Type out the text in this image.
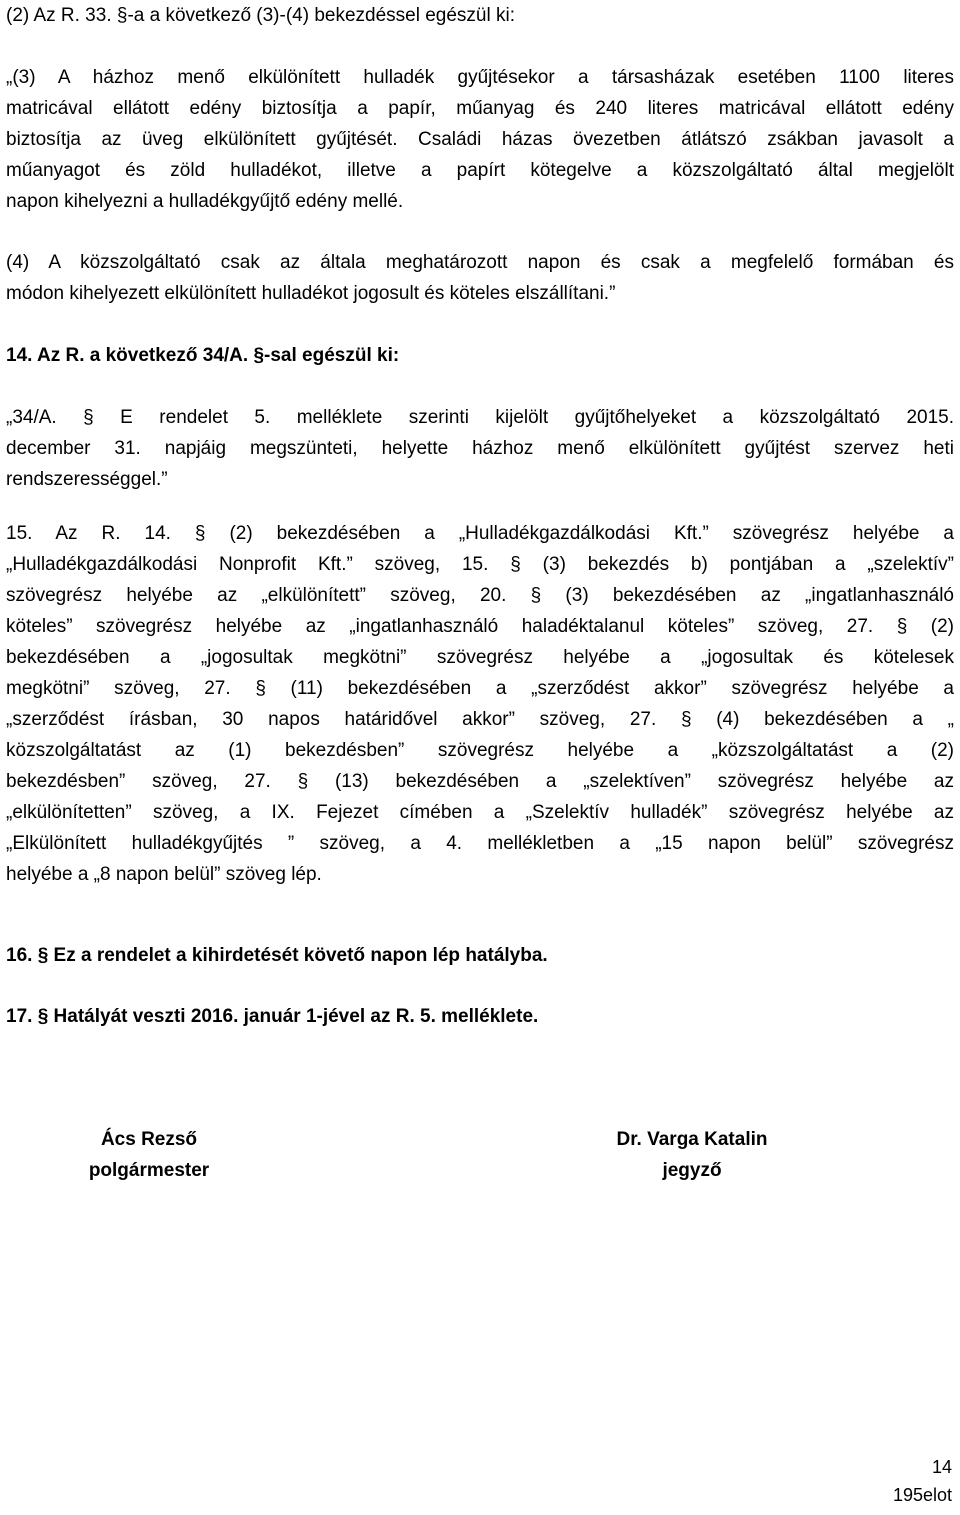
(2) Az R. 33. §-a a következő (3)-(4) bekezdéssel egészül ki:
„(3) A házhoz menő elkülönített hulladék gyűjtésekor a társasházak esetében 1100 literes
matricával ellátott edény biztosítja a papír, műanyag és 240 literes matricával ellátott edény
biztosítja az üveg elkülönített gyűjtését. Családi házas övezetben átlátszó zsákban javasolt a
műanyagot és zöld hulladékot, illetve a papírt kötegelve a közszolgáltató által megjelölt
napon kihelyezni a hulladékgyűjtő edény mellé.
(4) A közszolgáltató csak az általa meghatározott napon és csak a megfelelő formában és
módon kihelyezett elkülönített hulladékot jogosult és köteles elszállítani.”
14. Az R. a következő 34/A. §-sal egészül ki:
„34/A. § E rendelet 5. melléklete szerinti kijelölt gyűjtőhelyeket a közszolgáltató 2015.
december 31. napjáig megszünteti, helyette házhoz menő elkülönített gyűjtést szervez heti
rendszerességgel.”
15. Az R. 14. § (2) bekezdésében a „Hulladékgazdálkodási Kft.” szövegrész helyébe a
„Hulladékgazdálkodási Nonprofit Kft.” szöveg, 15. § (3) bekezdés b) pontjában a „szelektív”
szövegrész helyébe az „elkülönített” szöveg, 20. § (3) bekezdésében az „ingatlanhasználó
köteles” szövegrész helyébe az „ingatlanhasználó haladéktalanul köteles” szöveg, 27. § (2)
bekezdésében a „jogosultak megkötni” szövegrész helyébe a „jogosultak és kötelesek
megkötni” szöveg, 27. § (11) bekezdésében a „szerződést akkor” szövegrész helyébe a
„szerződést írásban, 30 napos határidővel akkor” szöveg, 27. § (4) bekezdésében a „
közszolgáltatást az (1) bekezdésben” szövegrész helyébe a „közszolgáltatást a (2)
bekezdésben” szöveg, 27. § (13) bekezdésében a „szelektíven” szövegrész helyébe az
„elkülönítetten” szöveg, a IX. Fejezet címében a „Szelektív hulladék” szövegrész helyébe az
„Elkülönített hulladékgyűjtés ” szöveg, a 4. mellékletben a „15 napon belül” szövegrész
helyébe a „8 napon belül” szöveg lép.
16. § Ez a rendelet a kihirdetését követő napon lép hatályba.
17. § Hatályát veszti 2016. január 1-jével az R. 5. melléklete.
Ács Rezső
polgármester
Dr. Varga Katalin
jegyző
14
195elot
